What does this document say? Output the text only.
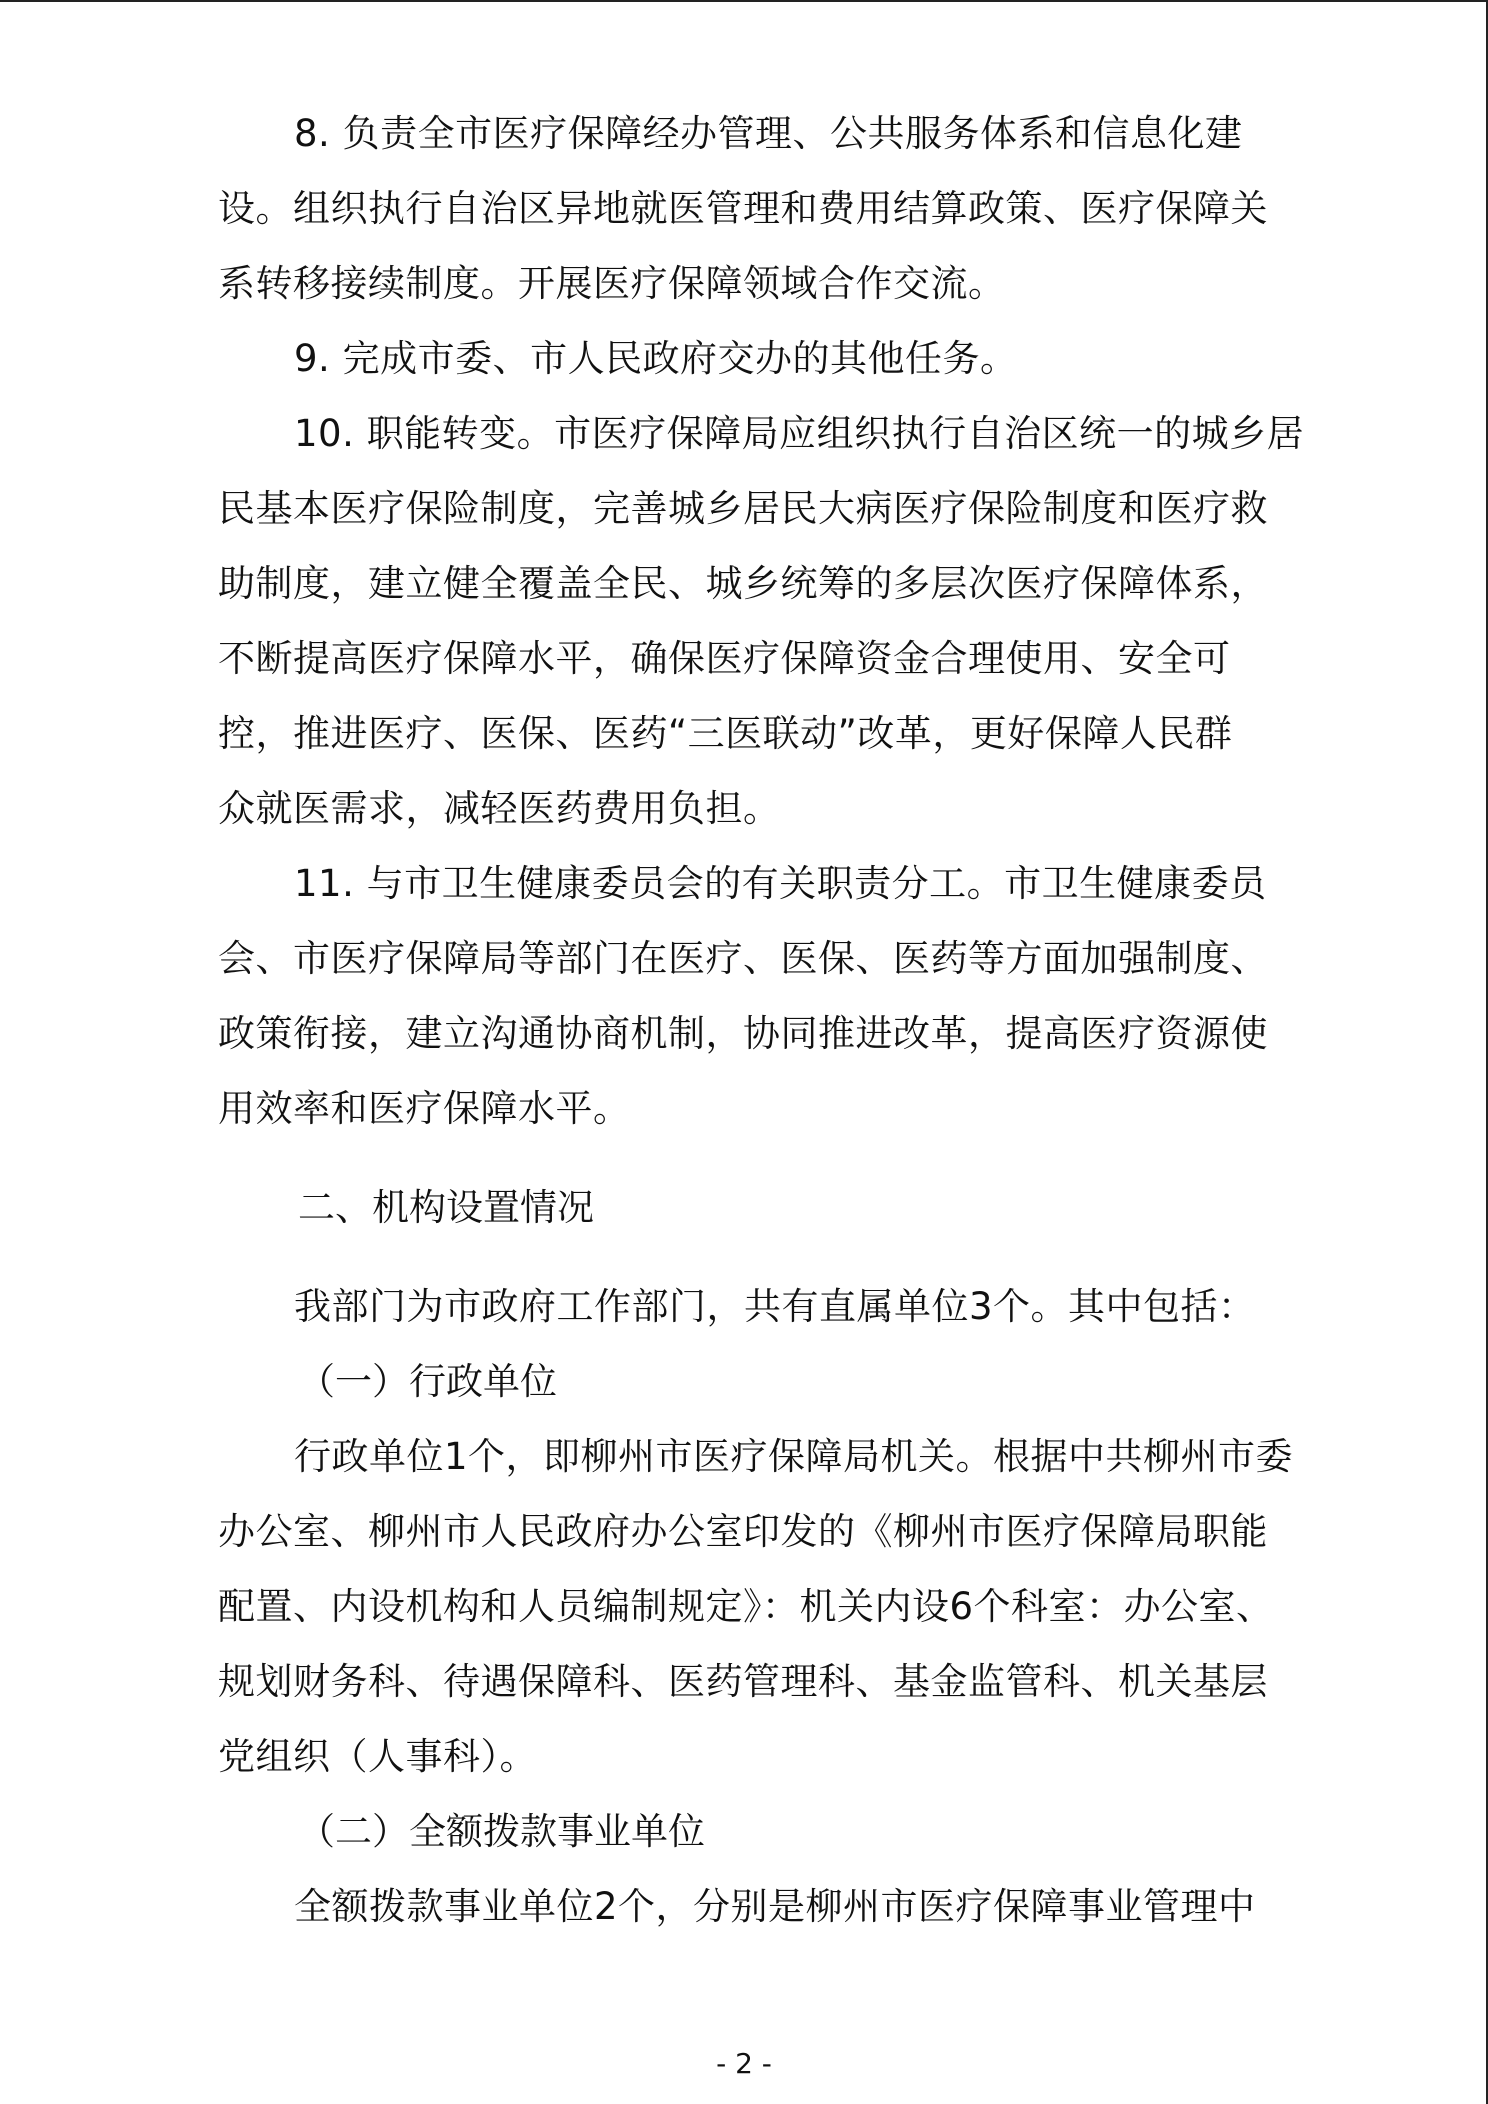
8. 负责全市医疗保障经办管理、公共服务体系和信息化建
设。组织执行自治区异地就医管理和费用结算政策、医疗保障关
系转移接续制度。开展医疗保障领域合作交流。

9. 完成市委、市人民政府交办的其他任务。

10. 职能转变。市医疗保障局应组织执行自治区统一的城乡居
民基本医疗保险制度，完善城乡居民大病医疗保险制度和医疗救
助制度，建立健全覆盖全民、城乡统筹的多层次医疗保障体系，
不断提高医疗保障水平，确保医疗保障资金合理使用、安全可
控，推进医疗、医保、医药“三医联动”改革，更好保障人民群
众就医需求，减轻医药费用负担。

11. 与市卫生健康委员会的有关职责分工。市卫生健康委员
会、市医疗保障局等部门在医疗、医保、医药等方面加强制度、
政策衔接，建立沟通协商机制，协同推进改革，提高医疗资源使
用效率和医疗保障水平。

二、机构设置情况

我部门为市政府工作部门，共有直属单位3个。其中包括：

（一）行政单位

行政单位1个，即柳州市医疗保障局机关。根据中共柳州市委
办公室、柳州市人民政府办公室印发的《柳州市医疗保障局职能
配置、内设机构和人员编制规定》：机关内设6个科室：办公室、
规划财务科、待遇保障科、医药管理科、基金监管科、机关基层
党组织（人事科）。

（二）全额拨款事业单位

全额拨款事业单位2个，分别是柳州市医疗保障事业管理中

- 2 -
